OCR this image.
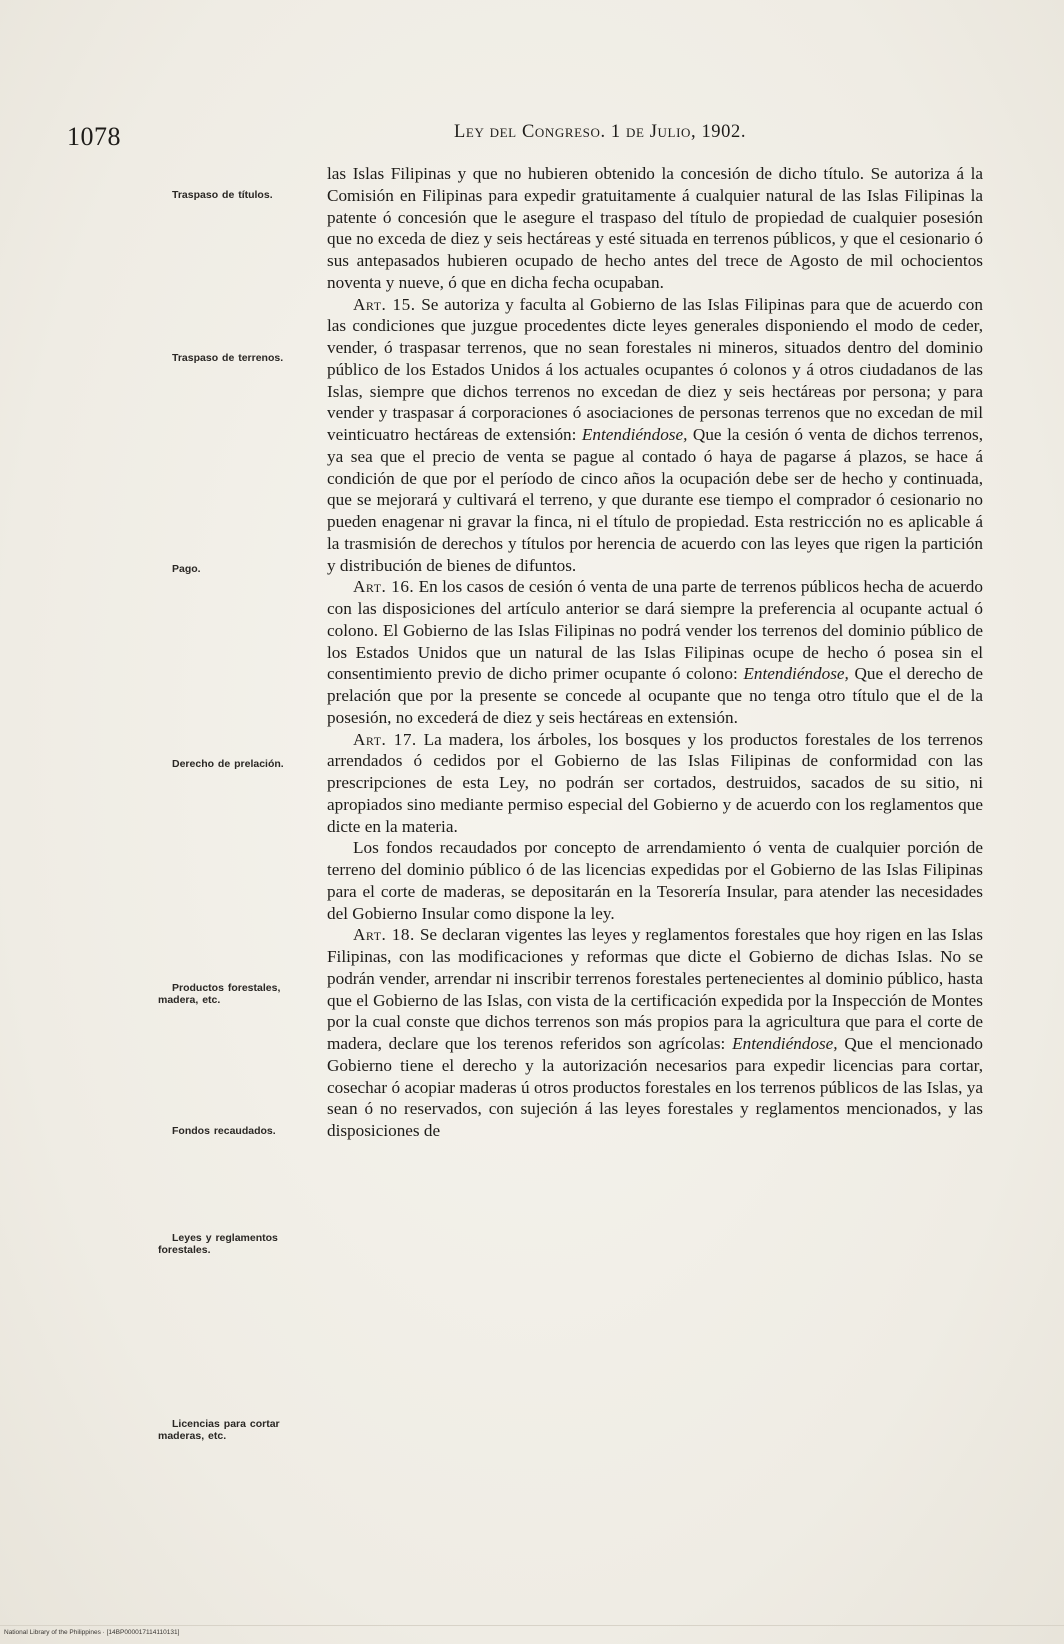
1078	Ley del Congreso. 1 de Julio, 1902.
Traspaso de títulos.
Traspaso de terrenos.
Pago.
Derecho de prelación.
Productos forestales, madera, etc.
Fondos recaudados.
Leyes y reglamentos forestales.
Licencias para cortar maderas, etc.

las Islas Filipinas y que no hubieren obtenido la concesión de dicho título. Se autoriza á la Comisión en Filipinas para expedir gratuitamente á cualquier natural de las Islas Filipinas la patente ó concesión que le asegure el traspaso del título de propiedad de cualquier posesión que no exceda de diez y seis hectáreas y esté situada en terrenos públicos, y que el cesionario ó sus antepasados hubieren ocupado de hecho antes del trece de Agosto de mil ochocientos noventa y nueve, ó que en dicha fecha ocupaban.

Art. 15. Se autoriza y faculta al Gobierno de las Islas Filipinas para que de acuerdo con las condiciones que juzgue procedentes dicte leyes generales disponiendo el modo de ceder, vender, ó traspasar terrenos, que no sean forestales ni mineros, situados dentro del dominio público de los Estados Unidos á los actuales ocupantes ó colonos y á otros ciudadanos de las Islas, siempre que dichos terrenos no excedan de diez y seis hectáreas por persona; y para vender y traspasar á corporaciones ó asociaciones de personas terrenos que no excedan de mil veinticuatro hectáreas de extensión: Entendiéndose, Que la cesión ó venta de dichos terrenos, ya sea que el precio de venta se pague al contado ó haya de pagarse á plazos, se hace á condición de que por el período de cinco años la ocupación debe ser de hecho y continuada, que se mejorará y cultivará el terreno, y que durante ese tiempo el comprador ó cesionario no pueden enagenar ni gravar la finca, ni el título de propiedad. Esta restricción no es aplicable á la trasmisión de derechos y títulos por herencia de acuerdo con las leyes que rigen la partición y distribución de bienes de difuntos.

Art. 16. En los casos de cesión ó venta de una parte de terrenos públicos hecha de acuerdo con las disposiciones del artículo anterior se dará siempre la preferencia al ocupante actual ó colono. El Gobierno de las Islas Filipinas no podrá vender los terrenos del dominio público de los Estados Unidos que un natural de las Islas Filipinas ocupe de hecho ó posea sin el consentimiento previo de dicho primer ocupante ó colono: Entendiéndose, Que el derecho de prelación que por la presente se concede al ocupante que no tenga otro título que el de la posesión, no excederá de diez y seis hectáreas en extensión.

Art. 17. La madera, los árboles, los bosques y los productos forestales de los terrenos arrendados ó cedidos por el Gobierno de las Islas Filipinas de conformidad con las prescripciones de esta Ley, no podrán ser cortados, destruidos, sacados de su sitio, ni apropiados sino mediante permiso especial del Gobierno y de acuerdo con los reglamentos que dicte en la materia.

Los fondos recaudados por concepto de arrendamiento ó venta de cualquier porción de terreno del dominio público ó de las licencias expedidas por el Gobierno de las Islas Filipinas para el corte de maderas, se depositarán en la Tesorería Insular, para atender las necesidades del Gobierno Insular como dispone la ley.

Art. 18. Se declaran vigentes las leyes y reglamentos forestales que hoy rigen en las Islas Filipinas, con las modificaciones y reformas que dicte el Gobierno de dichas Islas. No se podrán vender, arrendar ni inscribir terrenos forestales pertenecientes al dominio público, hasta que el Gobierno de las Islas, con vista de la certificación expedida por la Inspección de Montes por la cual conste que dichos terrenos son más propios para la agricultura que para el corte de madera, declare que los terenos referidos son agrícolas: Entendiéndose, Que el mencionado Gobierno tiene el derecho y la autorización necesarios para expedir licencias para cortar, cosechar ó acopiar maderas ú otros productos forestales en los terrenos públicos de las Islas, ya sean ó no reservados, con sujeción á las leyes forestales y reglamentos mencionados, y las disposiciones de

National Library of the Philippines · [14BP000017114110131]
